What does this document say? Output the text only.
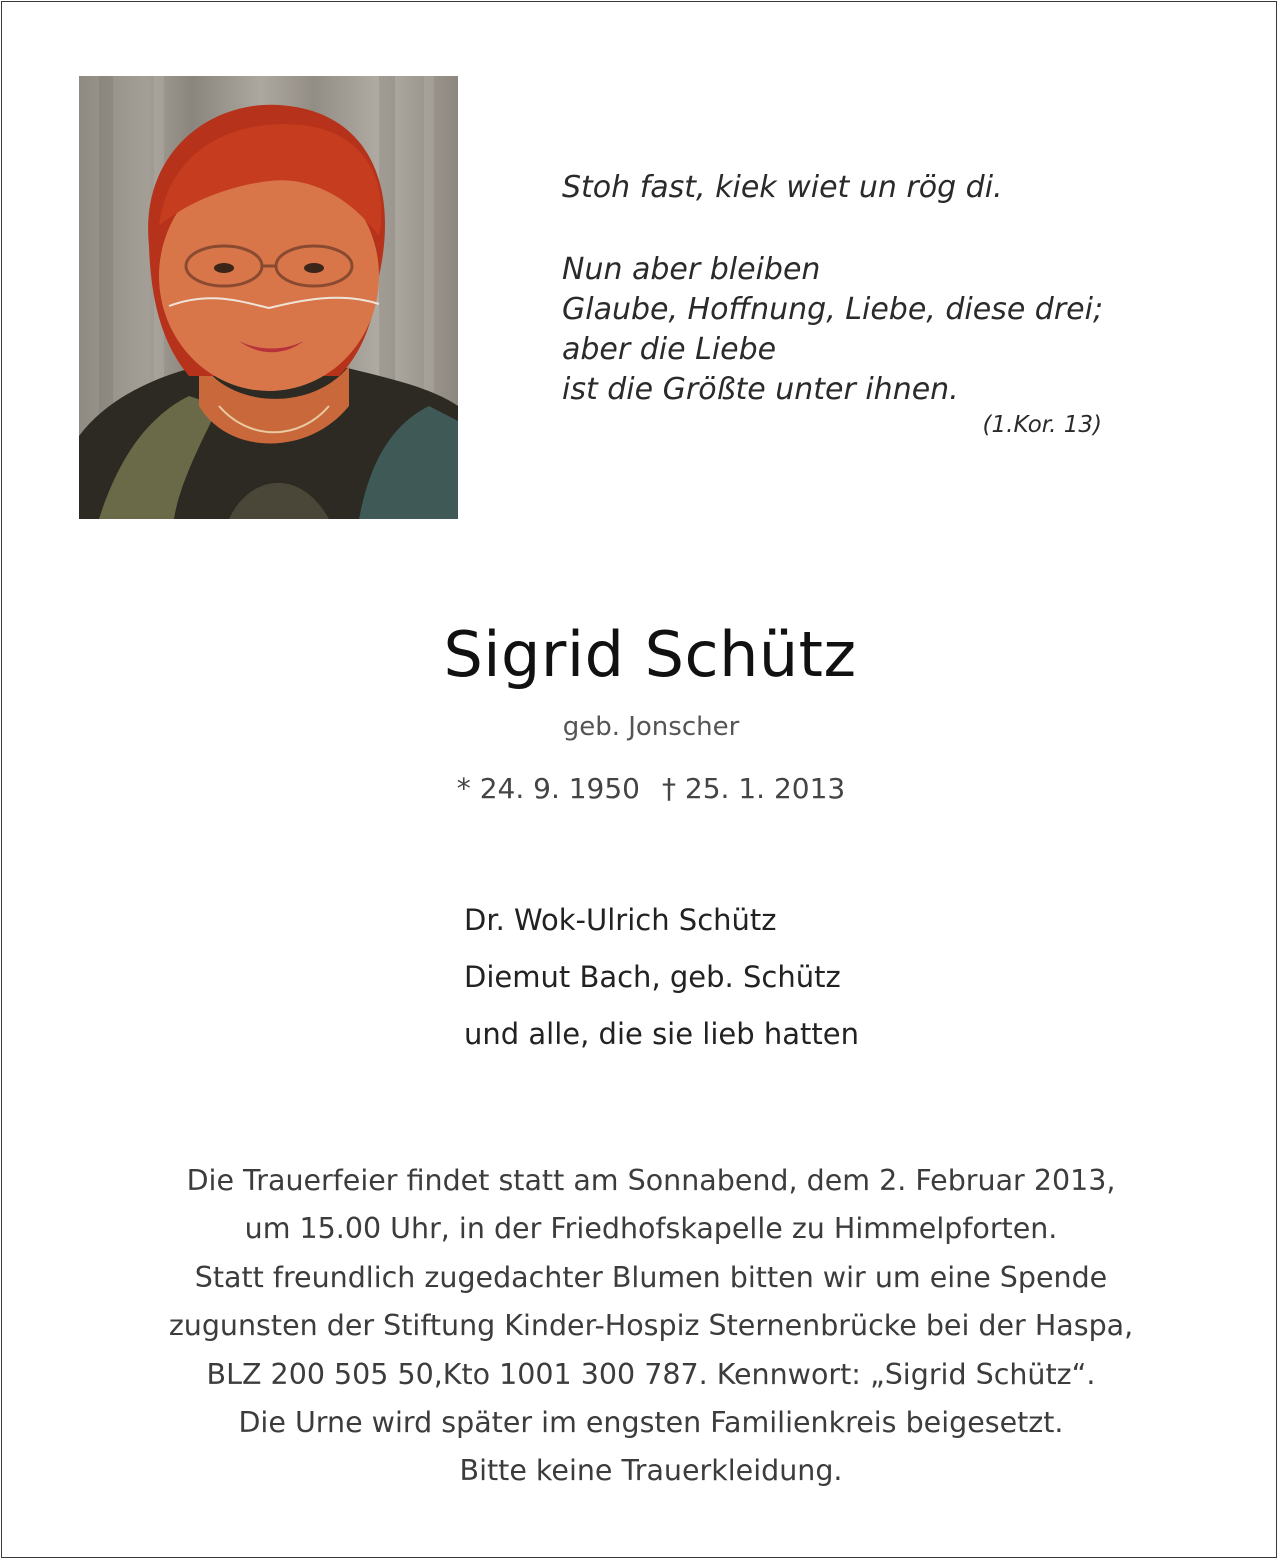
Stoh fast, kiek wiet un rög di.
Nun aber bleiben
Glaube, Hoffnung, Liebe, diese drei;
aber die Liebe
ist die Größte unter ihnen.
(1.Kor. 13)
Sigrid Schütz
geb. Jonscher
* 24. 9. 1950 † 25. 1. 2013
Dr. Wok-Ulrich Schütz
Diemut Bach, geb. Schütz
und alle, die sie lieb hatten
Die Trauerfeier findet statt am Sonnabend, dem 2. Februar 2013,
um 15.00 Uhr, in der Friedhofskapelle zu Himmelpforten.
Statt freundlich zugedachter Blumen bitten wir um eine Spende
zugunsten der Stiftung Kinder-Hospiz Sternenbrücke bei der Haspa,
BLZ 200 505 50,Kto 1001 300 787. Kennwort: „Sigrid Schütz“.
Die Urne wird später im engsten Familienkreis beigesetzt.
Bitte keine Trauerkleidung.
